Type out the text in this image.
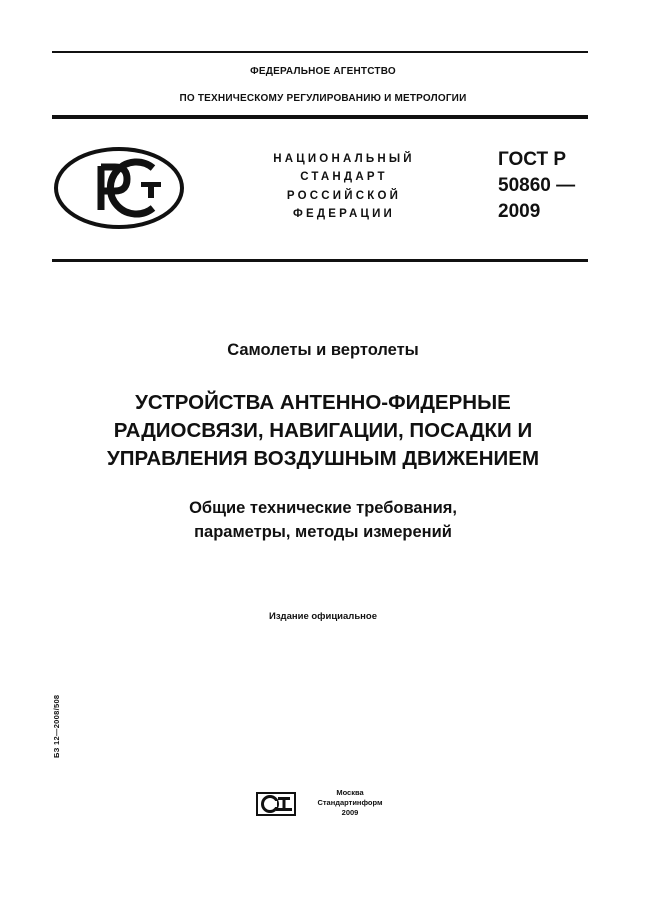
ФЕДЕРАЛЬНОЕ АГЕНТСТВО
ПО ТЕХНИЧЕСКОМУ РЕГУЛИРОВАНИЮ И МЕТРОЛОГИИ
НАЦИОНАЛЬНЫЙ
СТАНДАРТ
РОССИЙСКОЙ
ФЕДЕРАЦИИ
ГОСТ Р
50860 —
2009
Самолеты и вертолеты
УСТРОЙСТВА АНТЕННО-ФИДЕРНЫЕ
РАДИОСВЯЗИ, НАВИГАЦИИ, ПОСАДКИ И
УПРАВЛЕНИЯ ВОЗДУШНЫМ ДВИЖЕНИЕМ
Общие технические требования,
параметры, методы измерений
Издание официальное
БЗ 12—2008/508
Москва
Стандартинформ
2009
